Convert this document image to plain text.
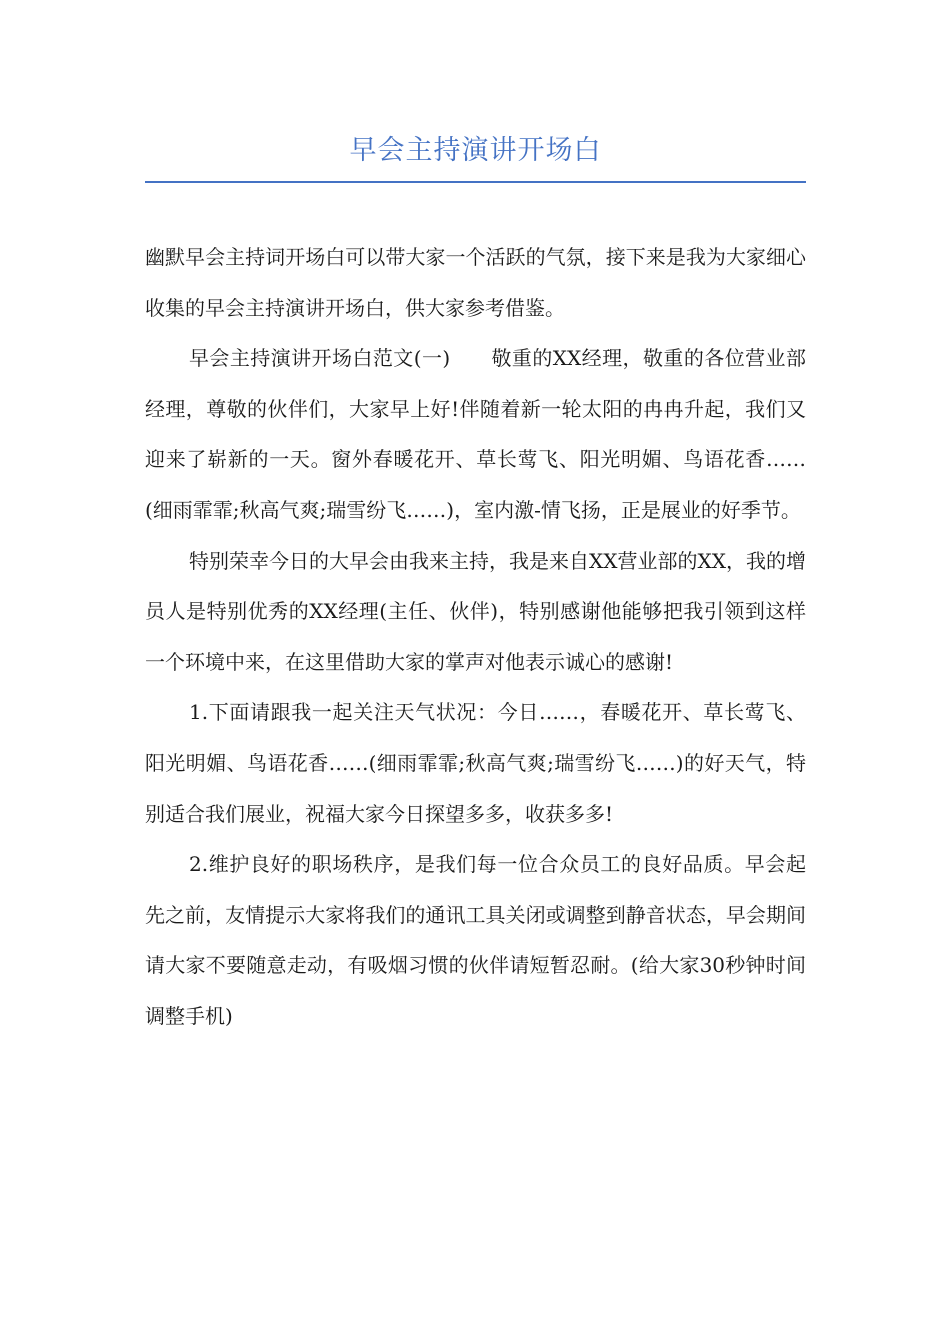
早会主持演讲开场白

幽默早会主持词开场白可以带大家一个活跃的气氛，接下来是我为大家细心收集的早会主持演讲开场白，供大家参考借鉴。

早会主持演讲开场白范文(一)　　敬重的XX经理，敬重的各位营业部经理，尊敬的伙伴们，大家早上好!伴随着新一轮太阳的冉冉升起，我们又迎来了崭新的一天。窗外春暖花开、草长莺飞、阳光明媚、鸟语花香……(细雨霏霏;秋高气爽;瑞雪纷飞……)，室内激-情飞扬，正是展业的好季节。

特别荣幸今日的大早会由我来主持，我是来自XX营业部的XX，我的增员人是特别优秀的XX经理(主任、伙伴)，特别感谢他能够把我引领到这样一个环境中来，在这里借助大家的掌声对他表示诚心的感谢!

1.下面请跟我一起关注天气状况：今日……，春暖花开、草长莺飞、阳光明媚、鸟语花香……(细雨霏霏;秋高气爽;瑞雪纷飞……)的好天气，特别适合我们展业，祝福大家今日探望多多，收获多多!

2.维护良好的职场秩序，是我们每一位合众员工的良好品质。早会起先之前，友情提示大家将我们的通讯工具关闭或调整到静音状态，早会期间请大家不要随意走动，有吸烟习惯的伙伴请短暂忍耐。(给大家30秒钟时间调整手机)
